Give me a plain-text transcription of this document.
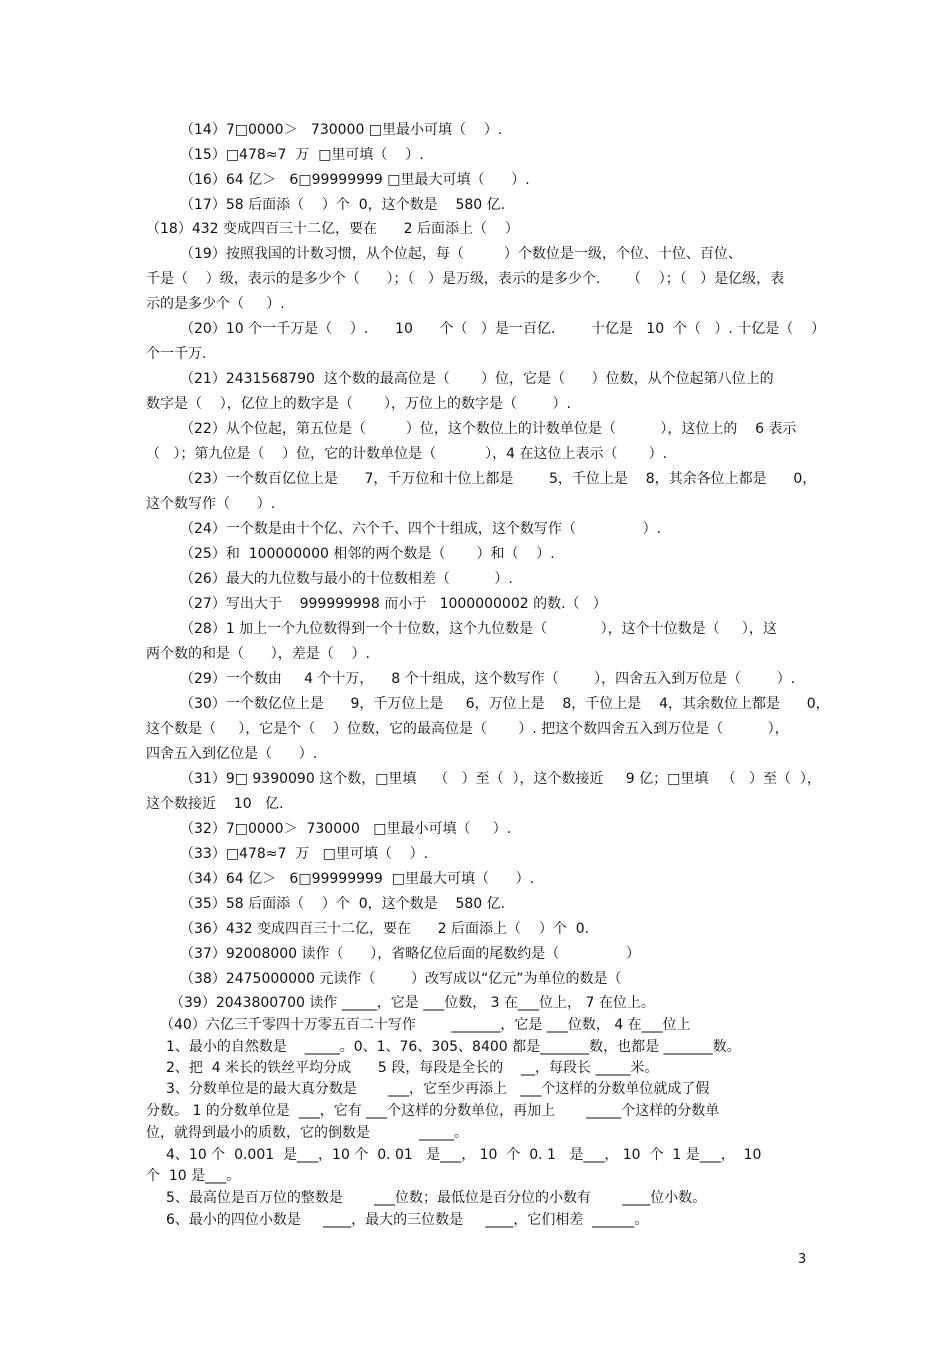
（14）7□0000＞   730000 □里最小可填（    ）.
（15）□478≈7  万  □里可填（    ）.
（16）64 亿＞   6□99999999 □里最大可填（      ）.
（17）58 后面添（    ）个  0，这个数是    580 亿.
（18）432 变成四百三十二亿，要在      2 后面添上（    ）
（19）按照我国的计数习惯，从个位起，每（         ）个数位是一级，个位、十位、百位、
千是（    ）级，表示的是多少个（      ）；（   ）是万级，表示的是多少个.      （    ）；（   ）是亿级，表
示的是多少个（     ）.
（20）10 个一千万是（    ）.      10      个（   ）是一百亿.        十亿是   10  个（   ）. 十亿是（    ）
个一千万.
（21）2431568790  这个数的最高位是（       ）位，它是（      ）位数，从个位起第八位上的
数字是（    ），亿位上的数字是（       ），万位上的数字是（        ）.
（22）从个位起，第五位是（         ）位，这个数位上的计数单位是（          ），这位上的    6 表示
（   ）；第九位是（    ）位，它的计数单位是（           ），4 在这位上表示（       ）.
（23）一个数百亿位上是      7，千万位和十位上都是        5，千位上是    8，其余各位上都是      0，
这个数写作（      ）.
（24）一个数是由十个亿、六个千、四个十组成，这个数写作（               ）.
（25）和  100000000 相邻的两个数是（       ）和（    ）.
（26）最大的九位数与最小的十位数相差（          ）.
（27）写出大于    999999998 而小于   1000000002 的数.（   ）
（28）1 加上一个九位数得到一个十位数，这个九位数是（            ），这个十位数是（     ），这
两个数的和是（      ），差是（    ）.
（29）一个数由     4 个十万，    8 个十组成，这个数写作（        ），四舍五入到万位是（        ）.
（30）一个数亿位上是      9，千万位上是     6，万位上是    8，千位上是    4，其余数位上都是      0，
这个数是（     ），它是个（    ）位数，它的最高位是（       ）. 把这个数四舍五入到万位是（          ），
四舍五入到亿位是（      ）.
（31）9□ 9390090 这个数，□里填    （   ）至（  ），这个数接近     9 亿；□里填   （   ）至（  ），
这个数接近    10   亿.
（32）7□0000＞  730000   □里最小可填（     ）.
（33）□478≈7  万   □里可填（    ）.
（34）64 亿＞   6□99999999  □里最大可填（      ）.
（35）58 后面添（    ）个  0，这个数是    580 亿.
（36）432 变成四百三十二亿，要在      2 后面添上（    ）个  0.
（37）92008000 读作（      ），省略亿位后面的尾数约是（               ）
（38）2475000000 元读作（        ）改写成以“亿元”为单位的数是（
（39）2043800700 读作 _____，它是 ___位数， 3 在___位上， 7 在位上。
（40）六亿三千零四十万零五百二十写作        _______，它是 ___位数， 4 在___位上
1、最小的自然数是    _____。0、1、76、305、8400 都是_______数，也都是 _______数。
2、把  4 米长的铁丝平均分成      5 段，每段是全长的    __，每段长 _____米。
3、分数单位是的最大真分数是       ___，它至少再添上   ___个这样的分数单位就成了假
分数。 1 的分数单位是  ___，它有 ___个这样的分数单位，再加上       _____个这样的分数单
位，就得到最小的质数，它的倒数是           _____。
4、10 个  0.001  是___，10 个  0. 01   是___， 10  个  0. 1   是___， 10  个  1 是___，  10
个  10 是___。
5、最高位是百万位的整数是       ___位数；最低位是百分位的小数有       ____位小数。
6、最小的四位小数是     ____，最大的三位数是     ____，它们相差  ______。
3
